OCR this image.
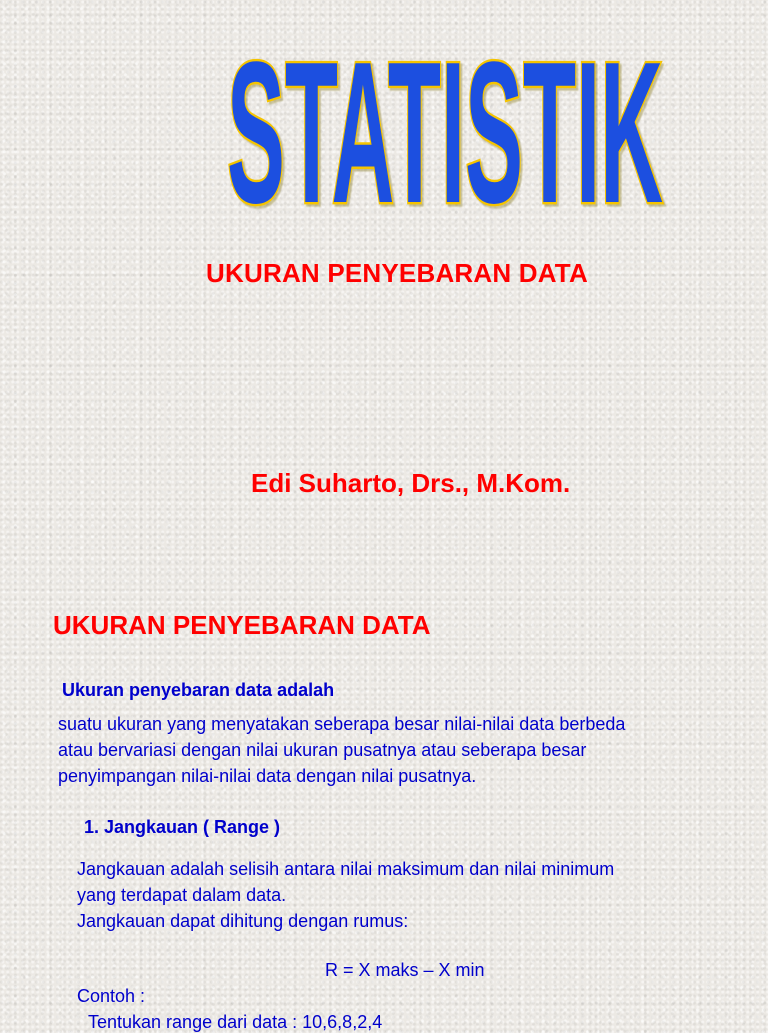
STATISTIK

UKURAN PENYEBARAN DATA

Edi Suharto, Drs., M.Kom.

UKURAN PENYEBARAN DATA

Ukuran penyebaran data adalah

suatu ukuran yang menyatakan seberapa besar nilai-nilai data berbeda
atau bervariasi dengan nilai ukuran pusatnya atau seberapa besar
penyimpangan nilai-nilai data dengan nilai pusatnya.

1. Jangkauan ( Range )

Jangkauan adalah selisih antara nilai maksimum dan nilai minimum
yang terdapat dalam data.
Jangkauan dapat dihitung dengan rumus:

R = X maks – X min

Contoh :

Tentukan range dari data : 10,6,8,2,4
